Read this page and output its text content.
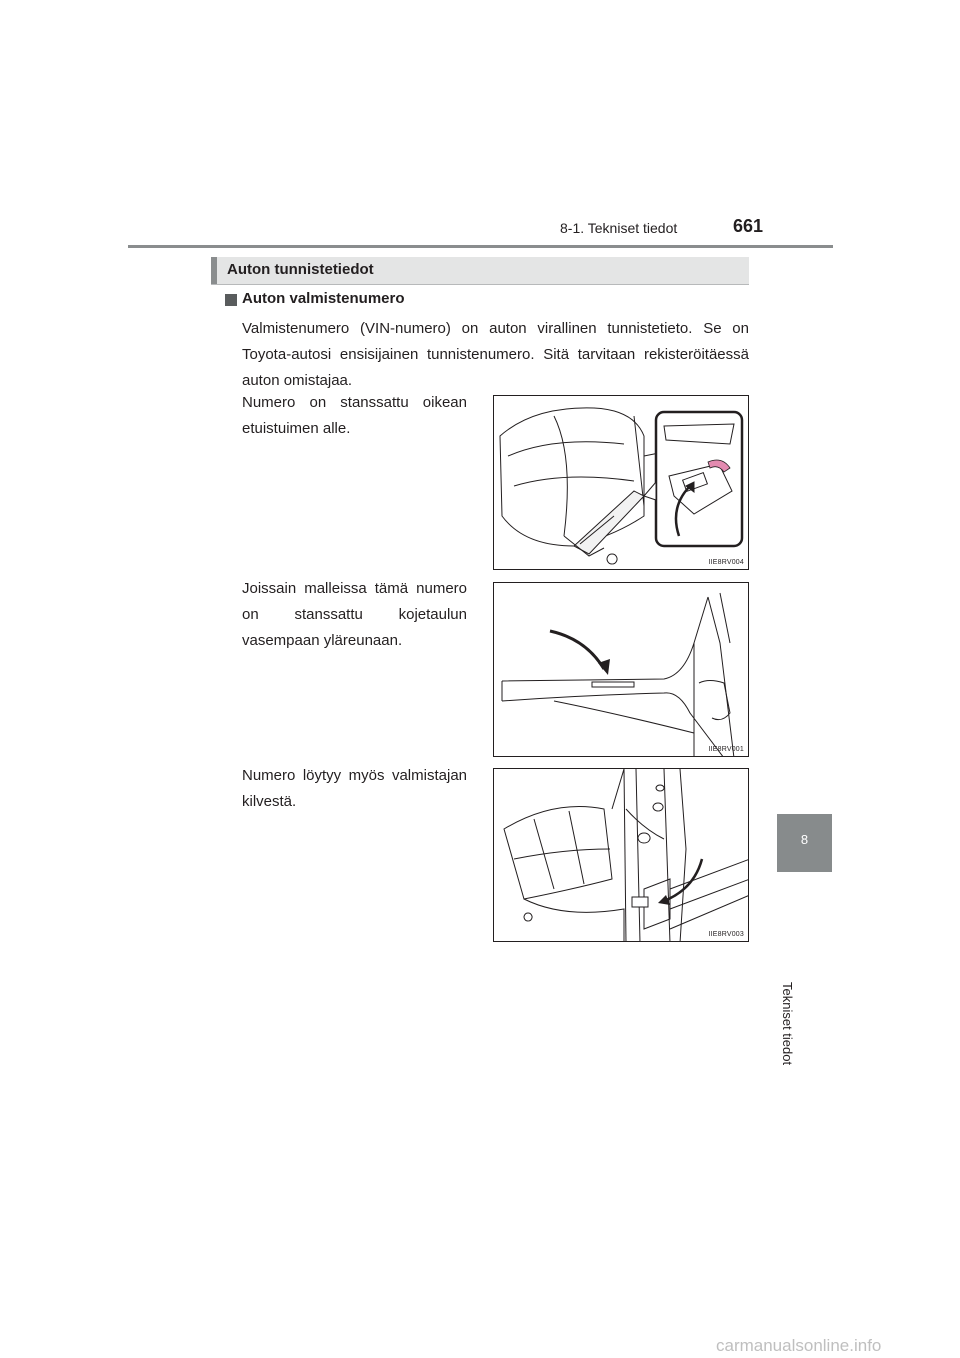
8-1. Tekniset tiedot	661
8
Tekniset tiedot
Auton tunnistetiedot
Auton valmistenumero
Valmistenumero (VIN-numero) on auton virallinen tunnistetieto. Se on Toyota-autosi ensisijainen tunnistenumero. Sitä tarvitaan rekisteröitäessä auton omistajaa.
Numero on stanssattu oikean etuistuimen alle.
Joissain malleissa tämä numero on stanssattu kojetaulun vasempaan yläreunaan.
Numero löytyy myös valmistajan kilvestä.
IIE8RV004
IIE8RV001
IIE8RV003
carmanualsonline.info
